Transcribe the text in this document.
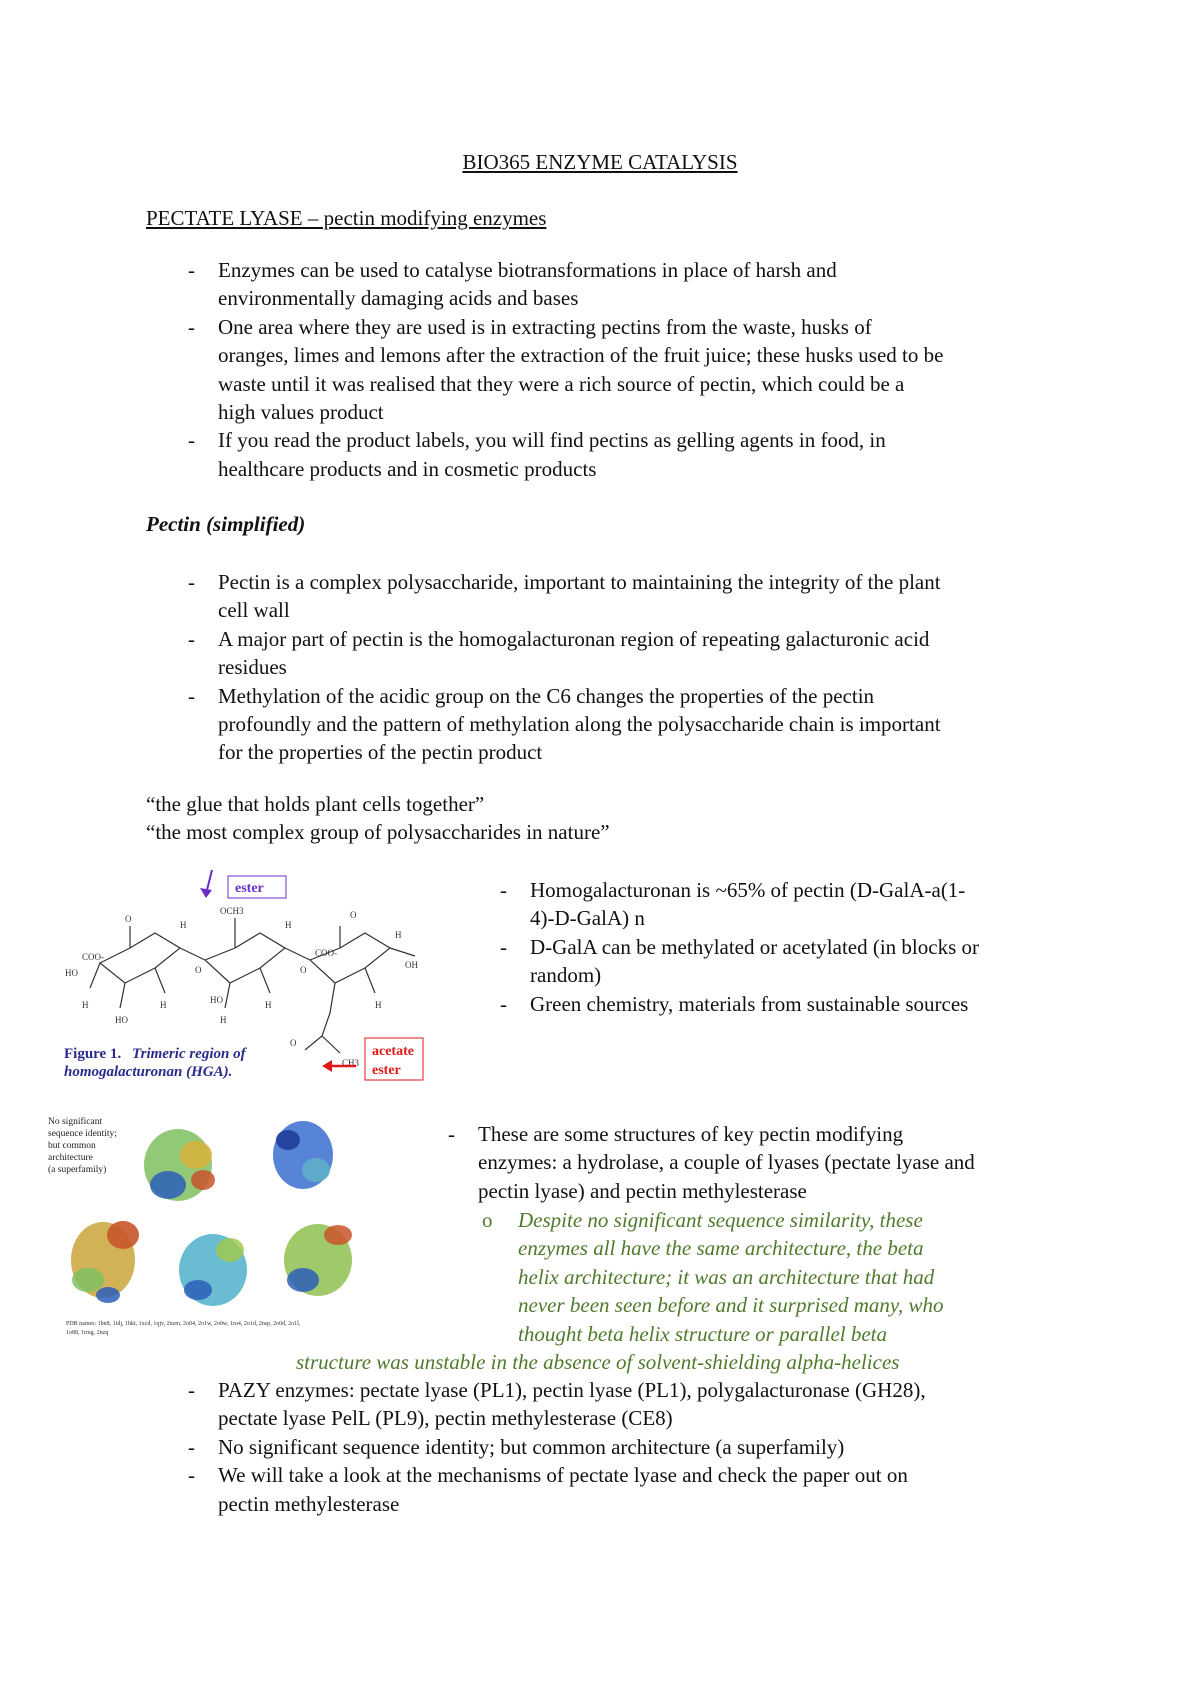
BIO365 ENZYME CATALYSIS
PECTATE LYASE – pectin modifying enzymes
- Enzymes can be used to catalyse biotransformations in place of harsh and
environmentally damaging acids and bases
- One area where they are used is in extracting pectins from the waste, husks of
oranges, limes and lemons after the extraction of the fruit juice; these husks used to be
waste until it was realised that they were a rich source of pectin, which could be a
high values product
- If you read the product labels, you will find pectins as gelling agents in food, in
healthcare products and in cosmetic products
Pectin (simplified)
- Pectin is a complex polysaccharide, important to maintaining the integrity of the plant
cell wall
- A major part of pectin is the homogalacturonan region of repeating galacturonic acid
residues
- Methylation of the acidic group on the C6 changes the properties of the pectin
profoundly and the pattern of methylation along the polysaccharide chain is important
for the properties of the pectin product
“the glue that holds plant cells together”
“the most complex group of polysaccharides in nature”
COO-
HO
H
HO
H
O
H
O
OCH3
H
HO	H
H
O
COO-
H
H
OH
O
O
CH3
ester
acetate
ester
Figure 1. Trimeric region of
homogalacturonan (HGA).
- Homogalacturonan is ~65% of pectin (D-GalA-a(1-
4)-D-GalA) n
- D-GalA can be methylated or acetylated (in blocks or
random)
- Green chemistry, materials from sustainable sources
No significant
sequence identity;
but common
architecture
(a superfamily)
PDB names: 1bn8, 1idj, 1hkt, 1xcd, 1qjv, 2nzm, 2o04, 2o1w, 2o0w, 1ru4, 2o1d, 2nsp, 2o0d, 2o1l,
1o88, 1rmg, 2nzq
- These are some structures of key pectin modifying
enzymes: a hydrolase, a couple of lyases (pectate lyase and
pectin lyase) and pectin methylesterase
o Despite no significant sequence similarity, these
enzymes all have the same architecture, the beta
helix architecture; it was an architecture that had
never been seen before and it surprised many, who
thought beta helix structure or parallel beta
structure was unstable in the absence of solvent-shielding alpha-helices
- PAZY enzymes: pectate lyase (PL1), pectin lyase (PL1), polygalacturonase (GH28),
pectate lyase PelL (PL9), pectin methylesterase (CE8)
- No significant sequence identity; but common architecture (a superfamily)
- We will take a look at the mechanisms of pectate lyase and check the paper out on
pectin methylesterase
